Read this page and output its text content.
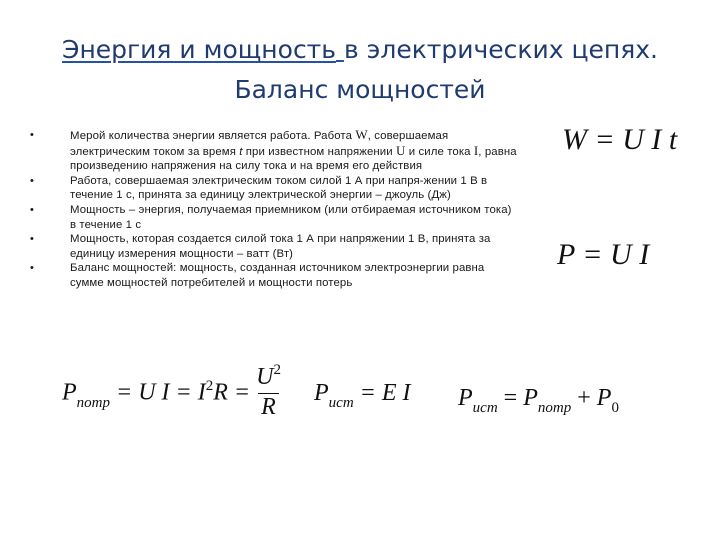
Энергия и мощность в электрических цепях.
Баланс мощностей
•	Мерой количества энергии является работа. Работа W, совершаемая электрическим током за время t при известном напряжении U и силе тока I, равна произведению напряжения на силу тока и на время его действия
•	Работа, совершаемая электрическим током силой 1 А при напря-жении 1 В в течение 1 с, принята за единицу электрической энергии – джоуль (Дж)
•	Мощность – энергия, получаемая приемником (или отбираемая источником тока) в течение 1 с
•	Мощность, которая создается силой тока 1 А при напряжении 1 В, принята за единицу измерения мощности – ватт (Вт)
•	Баланс мощностей: мощность, созданная источником электроэнергии равна сумме мощностей потребителей и мощности потерь
W = U I t
P = U I
$P_{потр} = U$ $I = I^2R = \frac{U^2}{R} P_{ист} = E$ I $P_{ист} = P_{потр} + P_0$
